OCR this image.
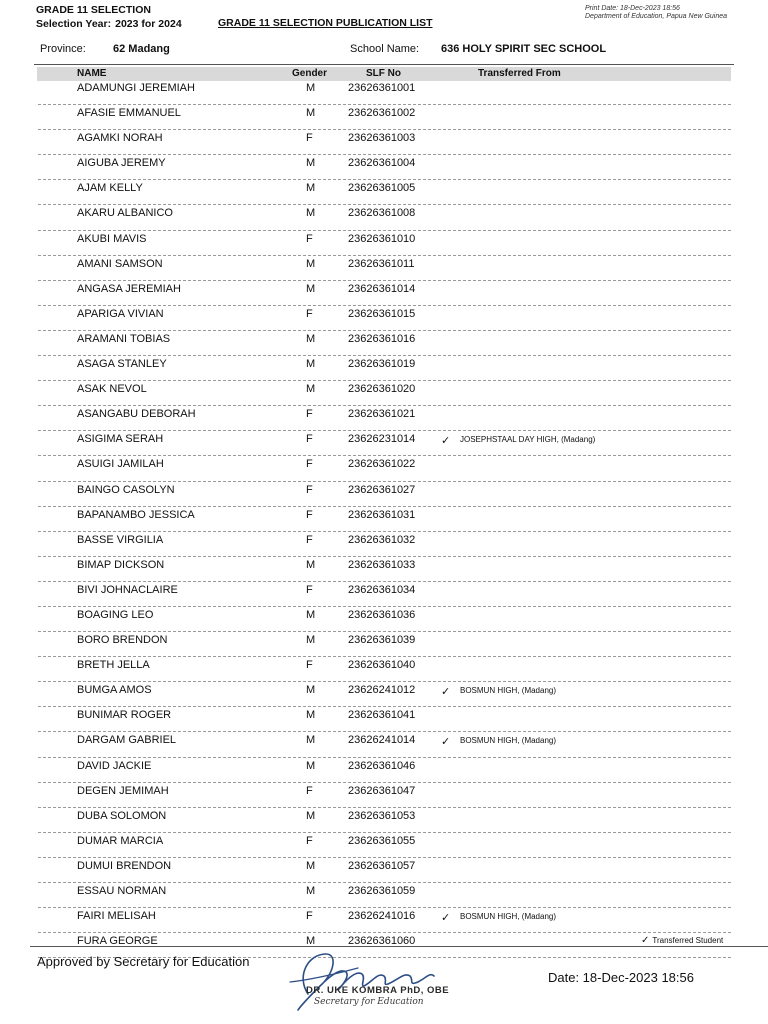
GRADE 11 SELECTION
Selection Year: 2023 for 2024	GRADE 11 SELECTION PUBLICATION LIST
Print Date: 18-Dec-2023 18:56
Department of Education, Papua New Guinea
Province: 62 Madang	School Name: 636 HOLY SPIRIT SEC SCHOOL
NAME	Gender	SLF No	Transferred From
ADAMUNGI JEREMIAH	M	23626361001
AFASIE EMMANUEL	M	23626361002
AGAMKI NORAH	F	23626361003
AIGUBA JEREMY	M	23626361004
AJAM KELLY	M	23626361005
AKARU ALBANICO	M	23626361008
AKUBI MAVIS	F	23626361010
AMANI SAMSON	M	23626361011
ANGASA JEREMIAH	M	23626361014
APARIGA VIVIAN	F	23626361015
ARAMANI TOBIAS	M	23626361016
ASAGA STANLEY	M	23626361019
ASAK NEVOL	M	23626361020
ASANGABU DEBORAH	F	23626361021
ASIGIMA SERAH	F	23626231014 ✓ JOSEPHSTAAL DAY HIGH, (Madang)
ASUIGI JAMILAH	F	23626361022
BAINGO CASOLYN	F	23626361027
BAPANAMBO JESSICA	F	23626361031
BASSE VIRGILIA	F	23626361032
BIMAP DICKSON	M	23626361033
BIVI JOHNACLAIRE	F	23626361034
BOAGING LEO	M	23626361036
BORO BRENDON	M	23626361039
BRETH JELLA	F	23626361040
BUMGA AMOS	M	23626241012 ✓ BOSMUN HIGH, (Madang)
BUNIMAR ROGER	M	23626361041
DARGAM GABRIEL	M	23626241014 ✓ BOSMUN HIGH, (Madang)
DAVID JACKIE	M	23626361046
DEGEN JEMIMAH	F	23626361047
DUBA SOLOMON	M	23626361053
DUMAR MARCIA	F	23626361055
DUMUI BRENDON	M	23626361057
ESSAU NORMAN	M	23626361059
FAIRI MELISAH	F	23626241016 ✓ BOSMUN HIGH, (Madang)
FURA GEORGE	M	23626361060	✓ Transferred Student
Approved by Secretary for Education
DR. UKE KOMBRA PhD, OBE
Secretary for Education
Date: 18-Dec-2023 18:56
